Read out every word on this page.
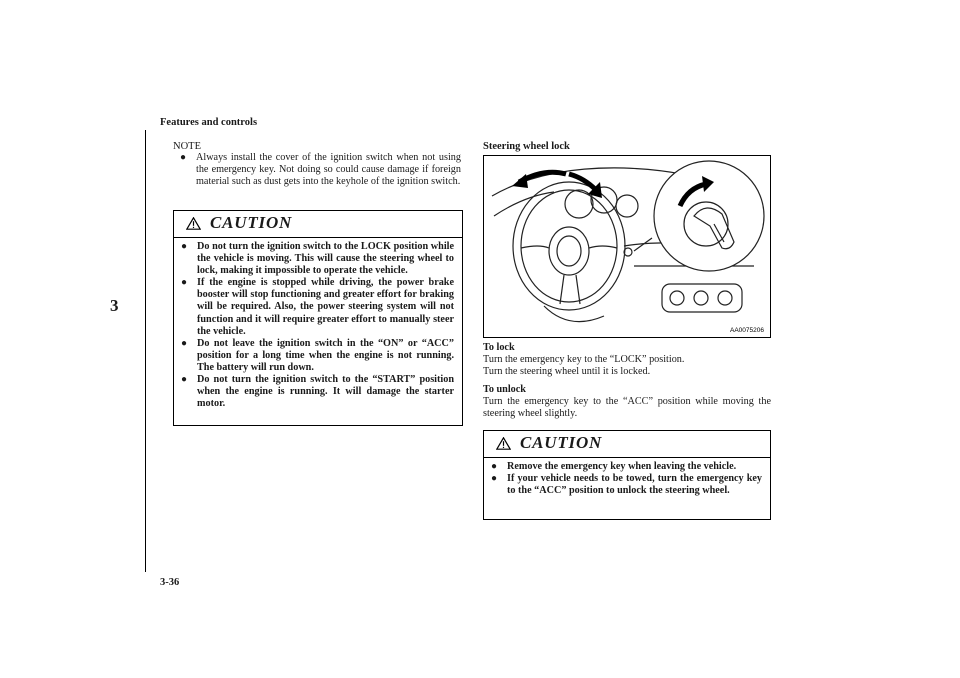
Features and controls
3
3-36
NOTE
● Always install the cover of the ignition switch when not using the emergency key. Not doing so could cause damage if foreign material such as dust gets into the keyhole of the ignition switch.
CAUTION
● Do not turn the ignition switch to the LOCK position while the vehicle is moving. This will cause the steering wheel to lock, making it impossible to operate the vehicle.
● If the engine is stopped while driving, the power brake booster will stop functioning and greater effort for braking will be required. Also, the power steering system will not function and it will require greater effort to manually steer the vehicle.
● Do not leave the ignition switch in the “ON” or “ACC” position for a long time when the engine is not running. The battery will run down.
● Do not turn the ignition switch to the “START” position when the engine is running. It will damage the starter motor.
Steering wheel lock
AA0075206
To lock
Turn the emergency key to the “LOCK” position.
Turn the steering wheel until it is locked.
To unlock
Turn the emergency key to the “ACC” position while moving the steering wheel slightly.
CAUTION
● Remove the emergency key when leaving the vehicle.
● If your vehicle needs to be towed, turn the emergency key to the “ACC” position to unlock the steering wheel.
